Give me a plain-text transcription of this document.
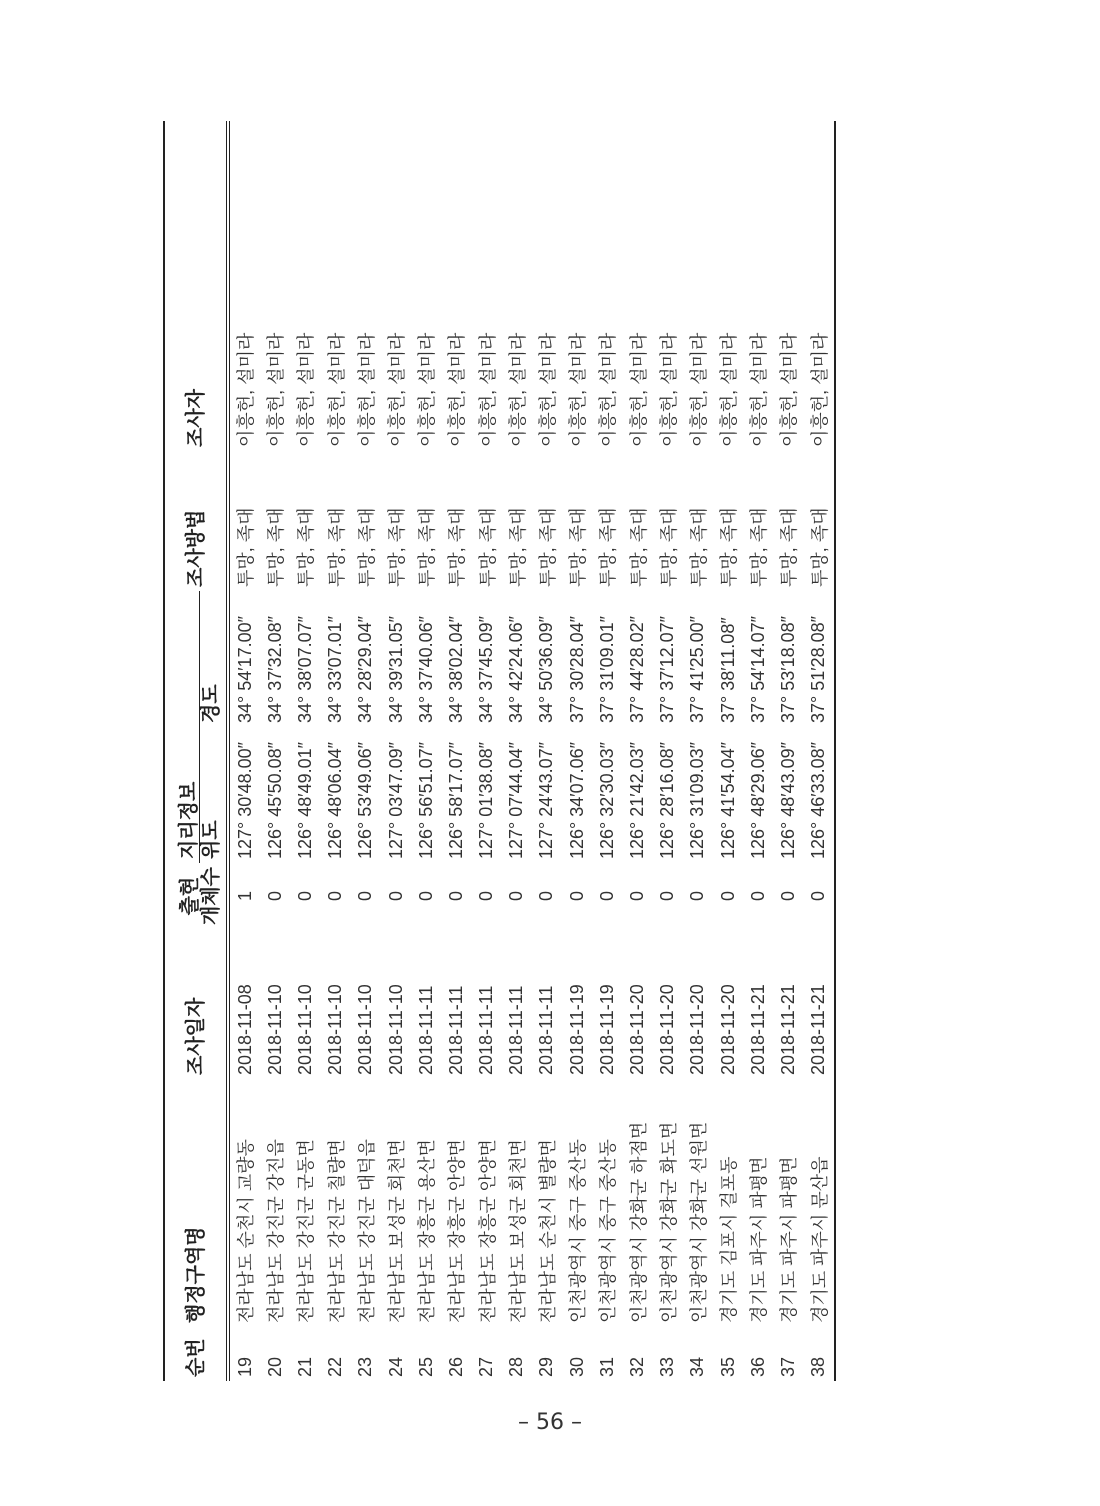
순번	행정구역명	조사일자	출현	지리정보		조사방법	조사자
			개체수	위도	경도		
19	전라남도 순천시 교량동	2018-11-08	1	127° 30′48.00″	34° 54′17.00″	투망, 족대	이흥헌, 설미라
20	전라남도 강진군 강진읍	2018-11-10	0	126° 45′50.08″	34° 37′32.08″	투망, 족대	이흥헌, 설미라
21	전라남도 강진군 군동면	2018-11-10	0	126° 48′49.01″	34° 38′07.07″	투망, 족대	이흥헌, 설미라
22	전라남도 강진군 칠량면	2018-11-10	0	126° 48′06.04″	34° 33′07.01″	투망, 족대	이흥헌, 설미라
23	전라남도 강진군 대덕읍	2018-11-10	0	126° 53′49.06″	34° 28′29.04″	투망, 족대	이흥헌, 설미라
24	전라남도 보성군 회천면	2018-11-10	0	127° 03′47.09″	34° 39′31.05″	투망, 족대	이흥헌, 설미라
25	전라남도 장흥군 용산면	2018-11-11	0	126° 56′51.07″	34° 37′40.06″	투망, 족대	이흥헌, 설미라
26	전라남도 장흥군 안양면	2018-11-11	0	126° 58′17.07″	34° 38′02.04″	투망, 족대	이흥헌, 설미라
27	전라남도 장흥군 안양면	2018-11-11	0	127° 01′38.08″	34° 37′45.09″	투망, 족대	이흥헌, 설미라
28	전라남도 보성군 회천면	2018-11-11	0	127° 07′44.04″	34° 42′24.06″	투망, 족대	이흥헌, 설미라
29	전라남도 순천시 별량면	2018-11-11	0	127° 24′43.07″	34° 50′36.09″	투망, 족대	이흥헌, 설미라
30	인천광역시 중구 중산동	2018-11-19	0	126° 34′07.06″	37° 30′28.04″	투망, 족대	이흥헌, 설미라
31	인천광역시 중구 중산동	2018-11-19	0	126° 32′30.03″	37° 31′09.01″	투망, 족대	이흥헌, 설미라
32	인천광역시 강화군 하점면	2018-11-20	0	126° 21′42.03″	37° 44′28.02″	투망, 족대	이흥헌, 설미라
33	인천광역시 강화군 화도면	2018-11-20	0	126° 28′16.08″	37° 37′12.07″	투망, 족대	이흥헌, 설미라
34	인천광역시 강화군 선원면	2018-11-20	0	126° 31′09.03″	37° 41′25.00″	투망, 족대	이흥헌, 설미라
35	경기도 김포시 걸포동	2018-11-20	0	126° 41′54.04″	37° 38′11.08″	투망, 족대	이흥헌, 설미라
36	경기도 파주시 파평면	2018-11-21	0	126° 48′29.06″	37° 54′14.07″	투망, 족대	이흥헌, 설미라
37	경기도 파주시 파평면	2018-11-21	0	126° 48′43.09″	37° 53′18.08″	투망, 족대	이흥헌, 설미라
38	경기도 파주시 문산읍	2018-11-21	0	126° 46′33.08″	37° 51′28.08″	투망, 족대	이흥헌, 설미라
– 56 –
